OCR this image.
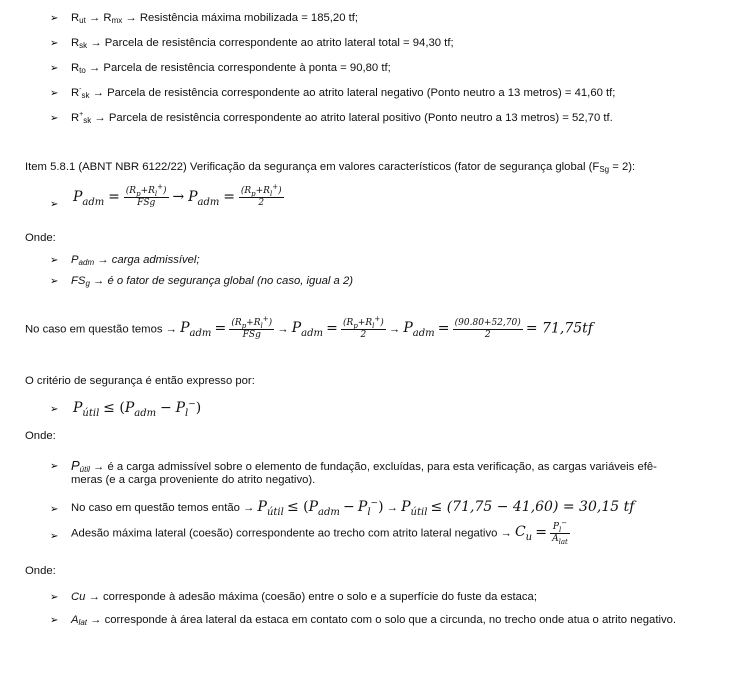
➢ Rut → Rmx → Resistência máxima mobilizada = 185,20 tf;
➢ Rsk → Parcela de resistência correspondente ao atrito lateral total = 94,30 tf;
➢ Rto → Parcela de resistência correspondente à ponta = 90,80 tf;
➢ R-sk → Parcela de resistência correspondente ao atrito lateral negativo (Ponto neutro a 13 metros) = 41,60 tf;
➢ R+sk → Parcela de resistência correspondente ao atrito lateral positivo (Ponto neutro a 13 metros) = 52,70 tf.
Item 5.8.1 (ABNT NBR 6122/22) Verificação da segurança em valores característicos (fator de segurança global (FSg = 2):
➢ $P_{adm} = \frac{(R_p+R_l^+)}{\text{FSg}} \to P_{adm} = \frac{(R_p+R_l^+)}{2}$
Onde:
➢ Padm → carga admissível;
➢ FSg → é o fator de segurança global (no caso, igual a 2)
No caso em questão temos → $P_{adm} = \frac{(R_p+R_l^+)}{\text{FSg}} \to P_{adm} = \frac{(R_p+R_l^+)}{2} \to P_{adm} = \frac{(90.80+52,70)}{2} = 71,75tf$
O critério de segurança é então expresso por:
➢ $P_{útil} \le (P_{adm} - P_l^-)$
Onde:
➢ Pútil → é a carga admissível sobre o elemento de fundação, excluídas, para esta verificação, as cargas variáveis efê-
meras (e a carga proveniente do atrito negativo).
➢ No caso em questão temos então → $P_{útil} \le (P_{adm} - P_l^-) \to P_{útil} \le (71,75 - 41,60) = 30,15$ tf
➢ Adesão máxima lateral (coesão) correspondente ao trecho com atrito lateral negativo → $C_u = \frac{P_l^-}{A_{lat}}$
Onde:
➢ Cu → corresponde à adesão máxima (coesão) entre o solo e a superfície do fuste da estaca;
➢ Alat → corresponde à área lateral da estaca em contato com o solo que a circunda, no trecho onde atua o atrito negativo.
